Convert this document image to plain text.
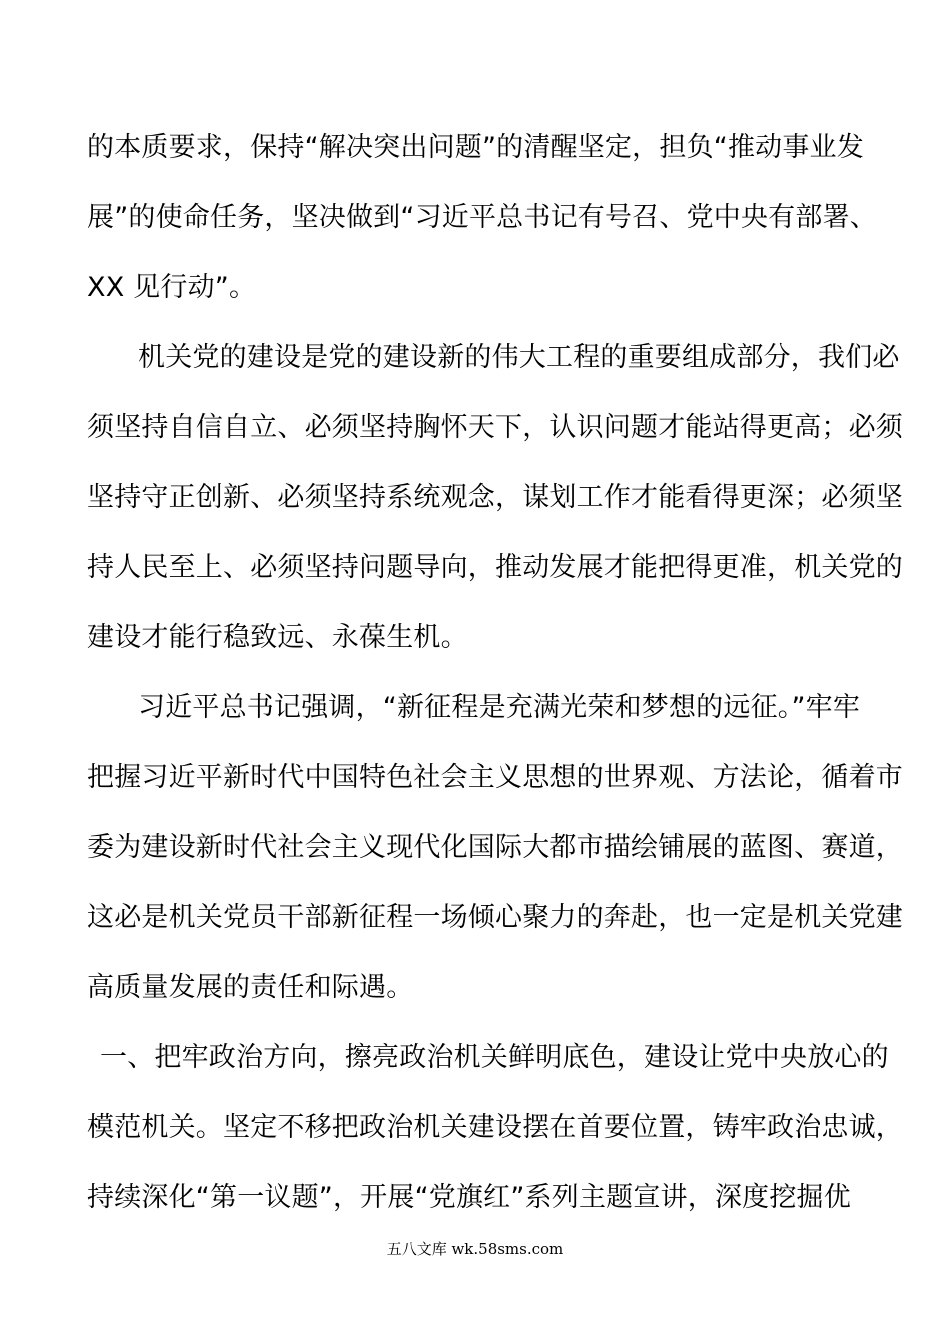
的本质要求，保持“解决突出问题”的清醒坚定，担负“推动事业发
展”的使命任务，坚决做到“习近平总书记有号召、党中央有部署、
XX 见行动”。
机关党的建设是党的建设新的伟大工程的重要组成部分，我们必
须坚持自信自立、必须坚持胸怀天下，认识问题才能站得更高；必须
坚持守正创新、必须坚持系统观念，谋划工作才能看得更深；必须坚
持人民至上、必须坚持问题导向，推动发展才能把得更准，机关党的
建设才能行稳致远、永葆生机。
习近平总书记强调，“新征程是充满光荣和梦想的远征。”牢牢
把握习近平新时代中国特色社会主义思想的世界观、方法论，循着市
委为建设新时代社会主义现代化国际大都市描绘铺展的蓝图、赛道，
这必是机关党员干部新征程一场倾心聚力的奔赴，也一定是机关党建
高质量发展的责任和际遇。
一、把牢政治方向，擦亮政治机关鲜明底色，建设让党中央放心的
模范机关。坚定不移把政治机关建设摆在首要位置，铸牢政治忠诚，
持续深化“第一议题”，开展“党旗红”系列主题宣讲，深度挖掘优
五八文库 wk.58sms.com
